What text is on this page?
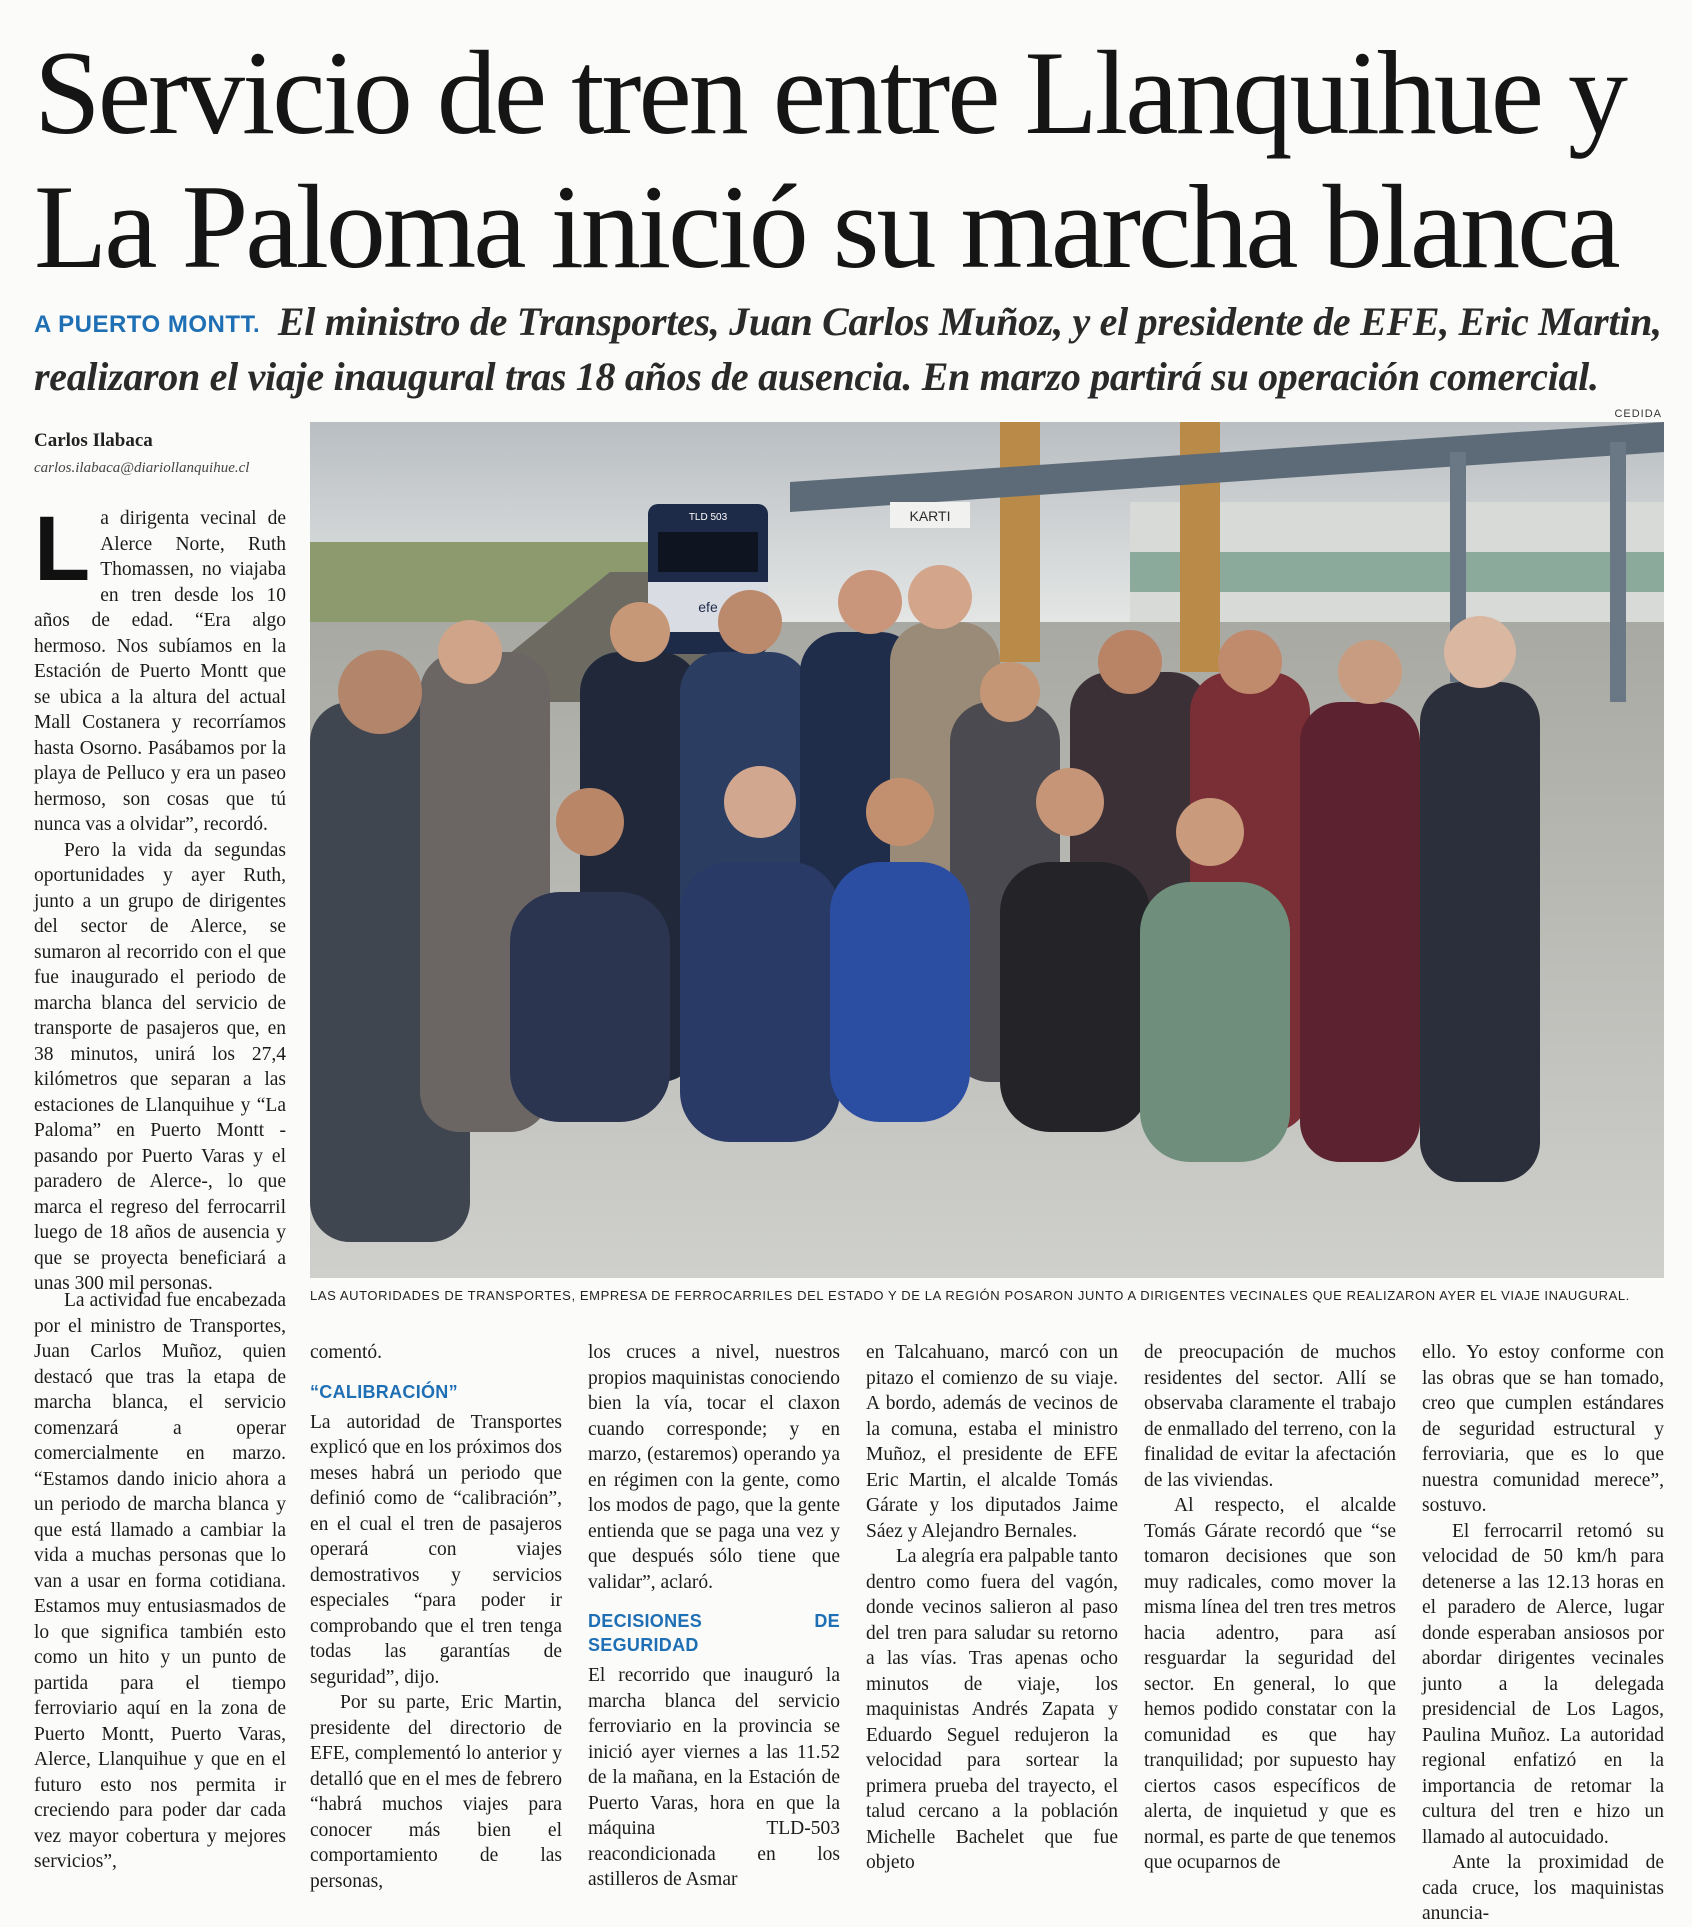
Servicio de tren entre Llanquihue y
La Paloma inició su marcha blanca
A PUERTO MONTT. El ministro de Transportes, Juan Carlos Muñoz, y el presidente de EFE, Eric Martin, realizaron el viaje inaugural tras 18 años de ausencia. En marzo partirá su operación comercial.
Carlos Ilabaca
carlos.ilabaca@diariollanquihue.cl
CEDIDA
TLD 503
efe
KARTI
LAS AUTORIDADES DE TRANSPORTES, EMPRESA DE FERROCARRILES DEL ESTADO Y DE LA REGIÓN POSARON JUNTO A DIRIGENTES VECINALES QUE REALIZARON AYER EL VIAJE INAUGURAL.

La dirigenta vecinal de Alerce Norte, Ruth Thomassen, no viajaba en tren desde los 10 años de edad. “Era algo hermoso. Nos subíamos en la Estación de Puerto Montt que se ubica a la altura del actual Mall Costanera y recorríamos hasta Osorno. Pasábamos por la playa de Pelluco y era un paseo hermoso, son cosas que tú nunca vas a olvidar”, recordó.

Pero la vida da segundas oportunidades y ayer Ruth, junto a un grupo de dirigentes del sector de Alerce, se sumaron al recorrido con el que fue inaugurado el periodo de marcha blanca del servicio de transporte de pasajeros que, en 38 minutos, unirá los 27,4 kilómetros que separan a las estaciones de Llanquihue y “La Paloma” en Puerto Montt -pasando por Puerto Varas y el paradero de Alerce-, lo que marca el regreso del ferrocarril luego de 18 años de ausencia y que se proyecta beneficiará a unas 300 mil personas.

La actividad fue encabezada por el ministro de Transportes, Juan Carlos Muñoz, quien destacó que tras la etapa de marcha blanca, el servicio comenzará a operar comercialmente en marzo. “Estamos dando inicio ahora a un periodo de marcha blanca y que está llamado a cambiar la vida a muchas personas que lo van a usar en forma cotidiana. Estamos muy entusiasmados de lo que significa también esto como un hito y un punto de partida para el tiempo ferroviario aquí en la zona de Puerto Montt, Puerto Varas, Alerce, Llanquihue y que en el futuro esto nos permita ir creciendo para poder dar cada vez mayor cobertura y mejores servicios”,

comentó.

“CALIBRACIÓN”

La autoridad de Transportes explicó que en los próximos dos meses habrá un periodo que definió como de “calibración”, en el cual el tren de pasajeros operará con viajes demostrativos y servicios especiales “para poder ir comprobando que el tren tenga todas las garantías de seguridad”, dijo.

Por su parte, Eric Martin, presidente del directorio de EFE, complementó lo anterior y detalló que en el mes de febrero “habrá muchos viajes para conocer más bien el comportamiento de las personas,

los cruces a nivel, nuestros propios maquinistas conociendo bien la vía, tocar el claxon cuando corresponde; y en marzo, (estaremos) operando ya en régimen con la gente, como los modos de pago, que la gente entienda que se paga una vez y que después sólo tiene que validar”, aclaró.

DECISIONES DE SEGURIDAD

El recorrido que inauguró la marcha blanca del servicio ferroviario en la provincia se inició ayer viernes a las 11.52 de la mañana, en la Estación de Puerto Varas, hora en que la máquina TLD-503 reacondicionada en los astilleros de Asmar

en Talcahuano, marcó con un pitazo el comienzo de su viaje. A bordo, además de vecinos de la comuna, estaba el ministro Muñoz, el presidente de EFE Eric Martin, el alcalde Tomás Gárate y los diputados Jaime Sáez y Alejandro Bernales.

La alegría era palpable tanto dentro como fuera del vagón, donde vecinos salieron al paso del tren para saludar su retorno a las vías. Tras apenas ocho minutos de viaje, los maquinistas Andrés Zapata y Eduardo Seguel redujeron la velocidad para sortear la primera prueba del trayecto, el talud cercano a la población Michelle Bachelet que fue objeto

de preocupación de muchos residentes del sector. Allí se observaba claramente el trabajo de enmallado del terreno, con la finalidad de evitar la afectación de las viviendas.

Al respecto, el alcalde Tomás Gárate recordó que “se tomaron decisiones que son muy radicales, como mover la misma línea del tren tres metros hacia adentro, para así resguardar la seguridad del sector. En general, lo que hemos podido constatar con la comunidad es que hay tranquilidad; por supuesto hay ciertos casos específicos de alerta, de inquietud y que es normal, es parte de que tenemos que ocuparnos de

ello. Yo estoy conforme con las obras que se han tomado, creo que cumplen estándares de seguridad estructural y ferroviaria, que es lo que nuestra comunidad merece”, sostuvo.

El ferrocarril retomó su velocidad de 50 km/h para detenerse a las 12.13 horas en el paradero de Alerce, lugar donde esperaban ansiosos por abordar dirigentes vecinales junto a la delegada presidencial de Los Lagos, Paulina Muñoz. La autoridad regional enfatizó en la importancia de retomar la cultura del tren e hizo un llamado al autocuidado.

Ante la proximidad de cada cruce, los maquinistas anuncia-
